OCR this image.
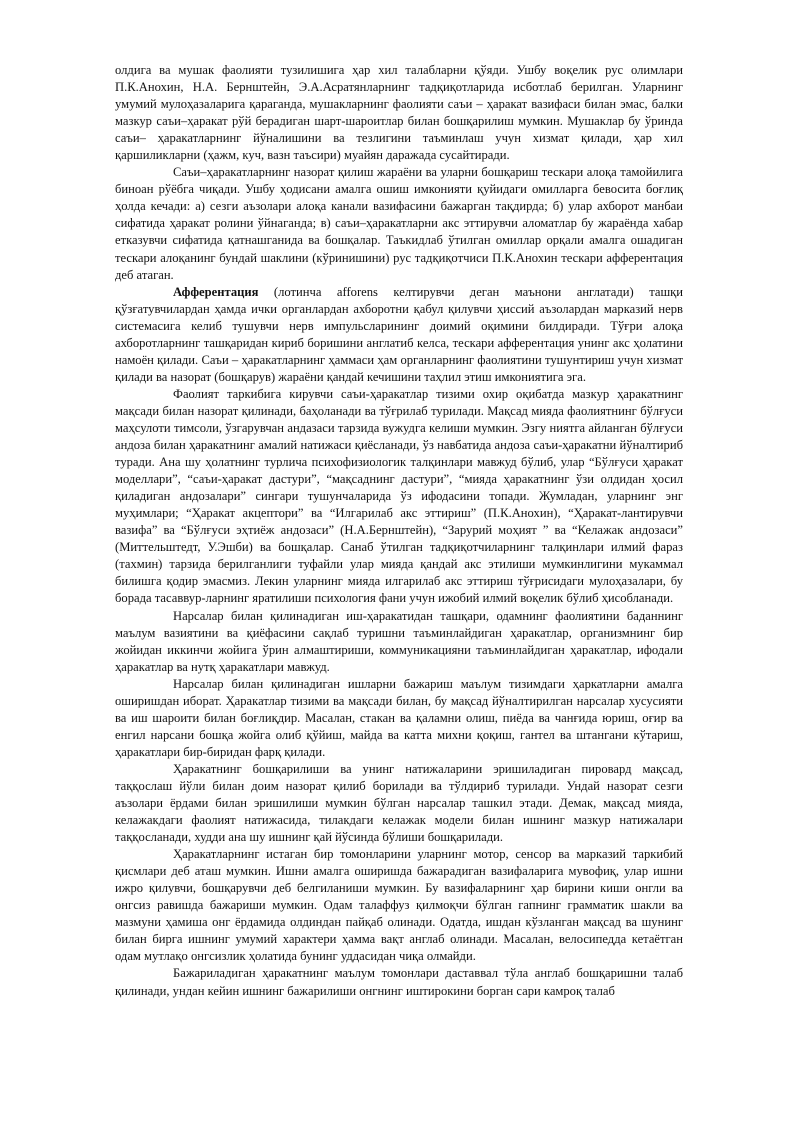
олдига ва мушак фаолияти тузилишига ҳар хил талабларни қўяди. Ушбу воқелик рус олимлари П.К.Анохин, Н.А. Бернштейн, Э.А.Асратянларнинг тадқиқотларида исботлаб берилган. Уларнинг умумий мулоҳазаларига қараганда, мушакларнинг фаолияти саъи – ҳаракат вазифаси билан эмас, балки мазкур саъи–ҳаракат рўй берадиган шарт-шароитлар билан бошқарилиш мумкин. Мушаклар бу ўринда саъи– ҳаракатларнинг йўналишини ва тезлигини таъминлаш учун хизмат қилади, ҳар хил қаршиликларни (ҳажм, куч, вазн таъсири) муайян даражада сусайтиради.

Саъи–ҳаракатларнинг назорат қилиш жараёни ва уларни бошқариш тескари алоқа тамойилига биноан рўёбга чиқади. Ушбу ҳодисани амалга ошиш имконияти қуйидаги омилларга бевосита боғлиқ ҳолда кечади: а) сезги аъзолари алоқа канали вазифасини бажарган тақдирда; б) улар ахборот манбаи сифатида ҳаракат ролини ўйнаганда; в) саъи–ҳаракатларни акс эттирувчи аломатлар бу жараёнда хабар етказувчи сифатида қатнашганида ва бошқалар. Таъкидлаб ўтилган омиллар орқали амалга ошадиган тескари алоқанинг бундай шаклини (кўринишини) рус тадқиқотчиси П.К.Анохин тескари афферентация деб атаган.

Афферентация (лотинча afforens келтирувчи деган маънони англатади) ташқи қўзғатувчилардан ҳамда ички органлардан ахборотни қабул қилувчи ҳиссий аъзолардан марказий нерв системасига келиб тушувчи нерв импульсларининг доимий оқимини билдиради. Тўғри алоқа ахборотларнинг ташқаридан кириб боришини англатиб келса, тескари афферентация унинг акс ҳолатини намоён қилади. Саъи – ҳаракатларнинг ҳаммаси ҳам органларнинг фаолиятини тушунтириш учун хизмат қилади ва назорат (бошқарув) жараёни қандай кечишини таҳлил этиш имкониятига эга.

Фаолият таркибига кирувчи саъи-ҳаракатлар тизими охир оқибатда мазкур ҳаракатнинг мақсади билан назорат қилинади, баҳоланади ва тўғрилаб турилади. Мақсад мияда фаолиятнинг бўлғуси маҳсулоти тимсоли, ўзгарувчан андазаси тарзида вужудга келиши мумкин. Эзгу ниятга айланган бўлғуси андоза билан ҳаракатнинг амалий натижаси қиёсланади, ўз навбатида андоза саъи-ҳаракатни йўналтириб туради. Ана шу ҳолатнинг турлича психофизиологик талқинлари мавжуд бўлиб, улар “Бўлғуси ҳаракат моделлари”, “саъи-ҳаракат дастури”, “мақсаднинг дастури”, “мияда ҳаракатнинг ўзи олдидан ҳосил қиладиган андозалари” сингари тушунчаларида ўз ифодасини топади. Жумладан, уларнинг энг муҳимлари; “Ҳаракат акцептори” ва “Илгарилаб акс эттириш” (П.К.Анохин), “Ҳаракат-лантирувчи вазифа” ва “Бўлғуси эҳтиёж андозаси” (Н.А.Бернштейн), “Зарурий моҳият ” ва “Келажак андозаси” (Миттельштедт, У.Эшби) ва бошқалар. Санаб ўтилган тадқиқотчиларнинг талқинлари илмий фараз (тахмин) тарзида берилганлиги туфайли улар мияда қандай акс этилиши мумкинлигини мукаммал билишга қодир эмасмиз. Лекин уларнинг мияда илгарилаб акс эттириш тўғрисидаги мулоҳазалари, бу борада тасаввур-ларнинг яратилиши психология фани учун ижобий илмий воқелик бўлиб ҳисобланади.

Нарсалар билан қилинадиган иш-ҳаракатидан ташқари, одамнинг фаолиятини баданнинг маълум вазиятини ва қиёфасини сақлаб туришни таъминлайдиган ҳаракатлар, организмнинг бир жойидан иккинчи жойига ўрин алмаштириши, коммуникацияни таъминлайдиган ҳаракатлар, ифодали ҳаракатлар ва нутқ ҳаракатлари мавжуд.

Нарсалар билан қилинадиган ишларни бажариш маълум тизимдаги ҳаркатларни амалга оширишдан иборат. Ҳаракатлар тизими ва мақсади билан, бу мақсад йўналтирилган нарсалар хусусияти ва иш шароити билан боғлиқдир. Масалан, стакан ва қаламни олиш, пиёда ва чанғида юриш, оғир ва енгил нарсани бошқа жойга олиб қўйиш, майда ва катта михни қоқиш, гантел ва штангани кўтариш, ҳаракатлари бир-биридан фарқ қилади.

Ҳаракатнинг бошқарилиши ва унинг натижаларини эришиладиган пировард мақсад, таққослаш йўли билан доим назорат қилиб борилади ва тўлдириб турилади. Ундай назорат сезги аъзолари ёрдами билан эришилиши мумкин бўлган нарсалар ташкил этади. Демак, мақсад мияда, келажакдаги фаолият натижасида, тилакдаги келажак модели билан ишнинг мазкур натижалари таққосланади, худди ана шу ишнинг қай йўсинда бўлиши бошқарилади.

Ҳаракатларнинг истаган бир томонларини уларнинг мотор, сенсор ва марказий таркибий қисмлари деб аташ мумкин. Ишни амалга оширишда бажарадиган вазифаларига мувофиқ, улар ишни ижро қилувчи, бошқарувчи деб белгиланиши мумкин. Бу вазифаларнинг ҳар бирини киши онгли ва онгсиз равишда бажариши мумкин. Одам талаффуз қилмоқчи бўлган гапнинг грамматик шакли ва мазмуни ҳамиша онг ёрдамида олдиндан пайқаб олинади. Одатда, ишдан кўзланган мақсад ва шунинг билан бирга ишнинг умумий характери ҳамма вақт англаб олинади. Масалан, велосипедда кетаётган одам мутлақо онгсизлик ҳолатида бунинг уддасидан чиқа олмайди.

Бажариладиган ҳаракатнинг маълум томонлари даставвал тўла англаб бошқаришни талаб қилинади, ундан кейин ишнинг бажарилиши онгнинг иштирокини борган сари камроқ талаб
